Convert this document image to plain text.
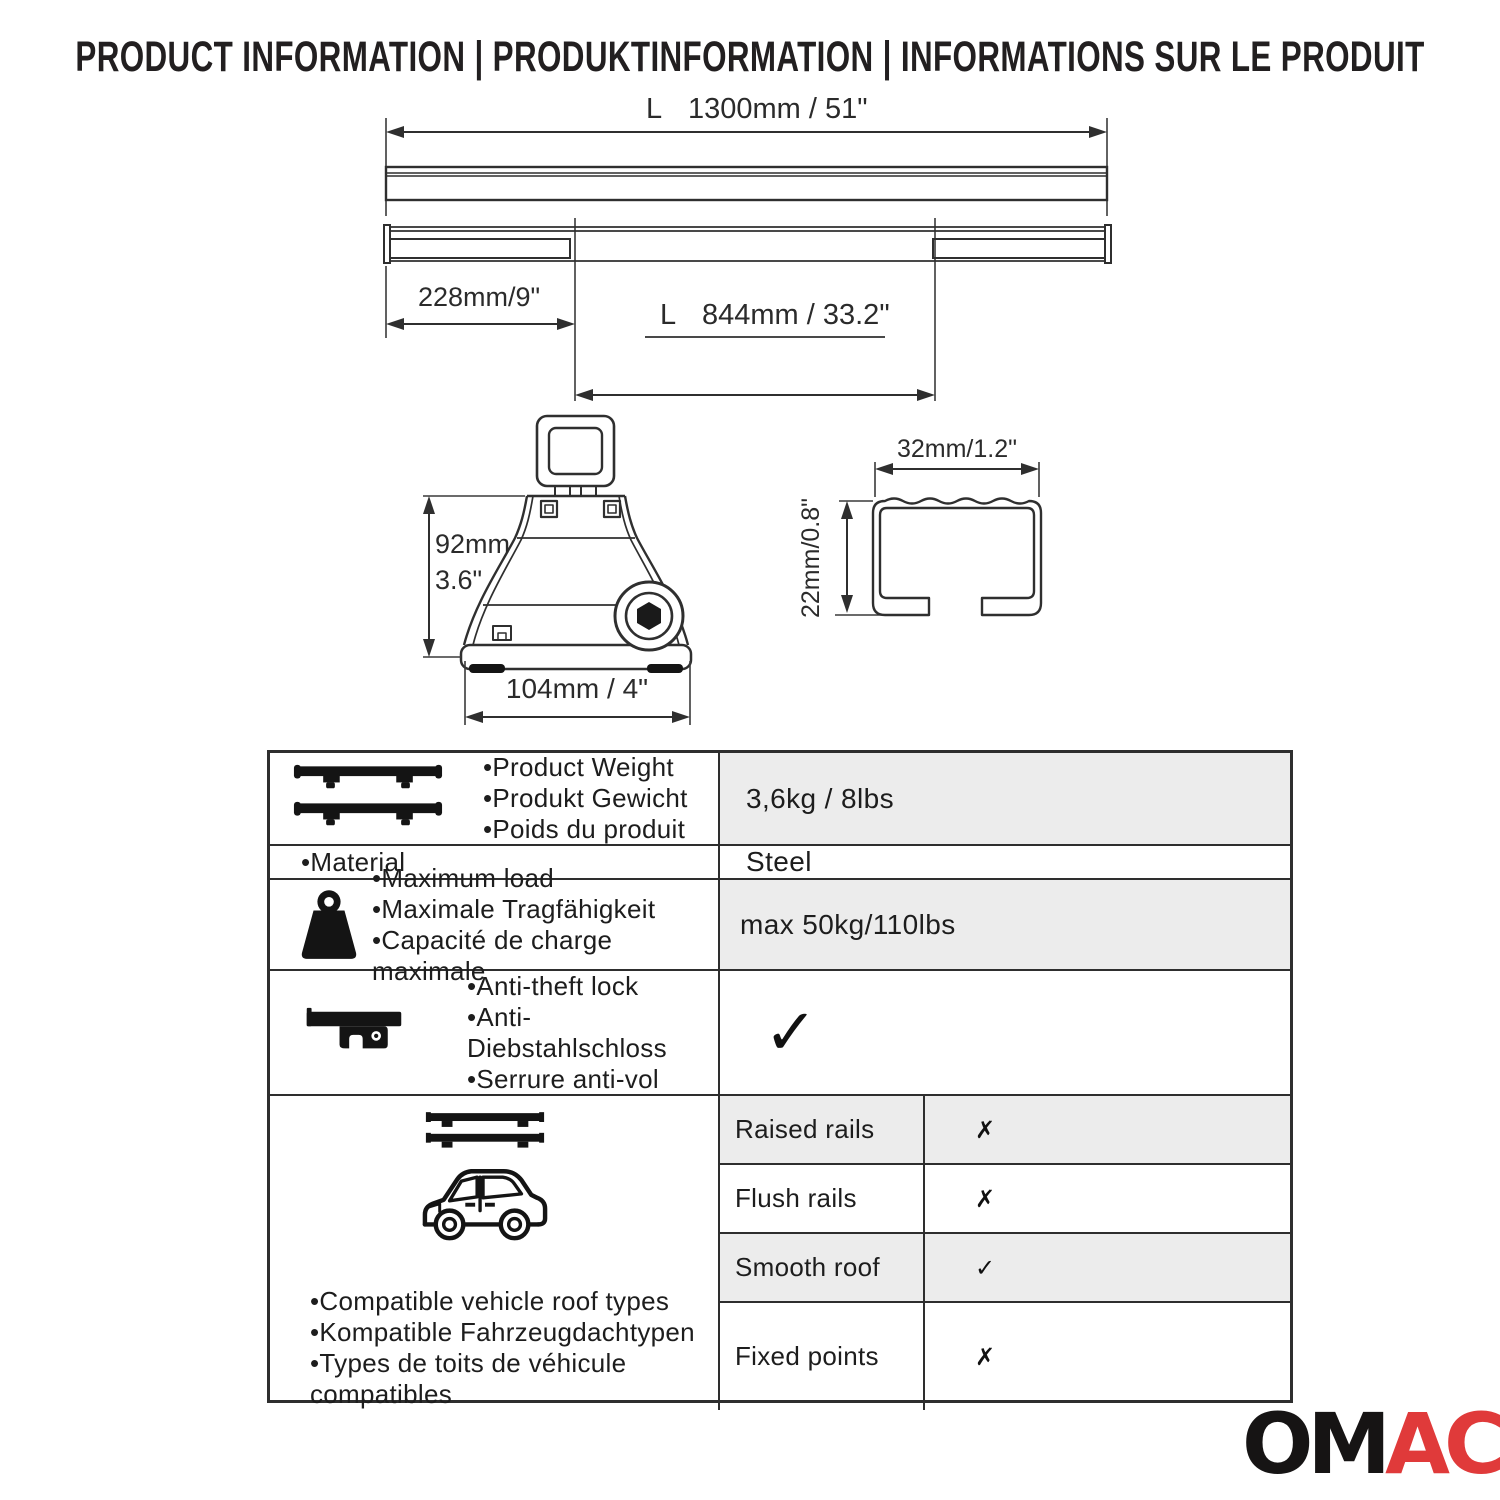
PRODUCT INFORMATION | PRODUKTINFORMATION | INFORMATIONS SUR LE PRODUIT
L 1300mm / 51"
228mm/9"
L 844mm / 33.2"
92mm
3.6"
104mm / 4"
32mm/1.2"
22mm/0.8"
•Product Weight
•Produkt Gewicht
•Poids du produit
3,6kg / 8lbs
•Material	Steel
•Maximum load
•Maximale Tragfähigkeit
•Capacité de charge maximale
max 50kg/110lbs
•Anti-theft lock
•Anti-Diebstahlschloss
•Serrure anti-vol
✓
•Compatible vehicle roof types
•Kompatible Fahrzeugdachtypen
•Types de toits de véhicule
compatibles
Raised rails	✗
Flush rails	✗
Smooth roof	✓
Fixed points	✗
OMAC
